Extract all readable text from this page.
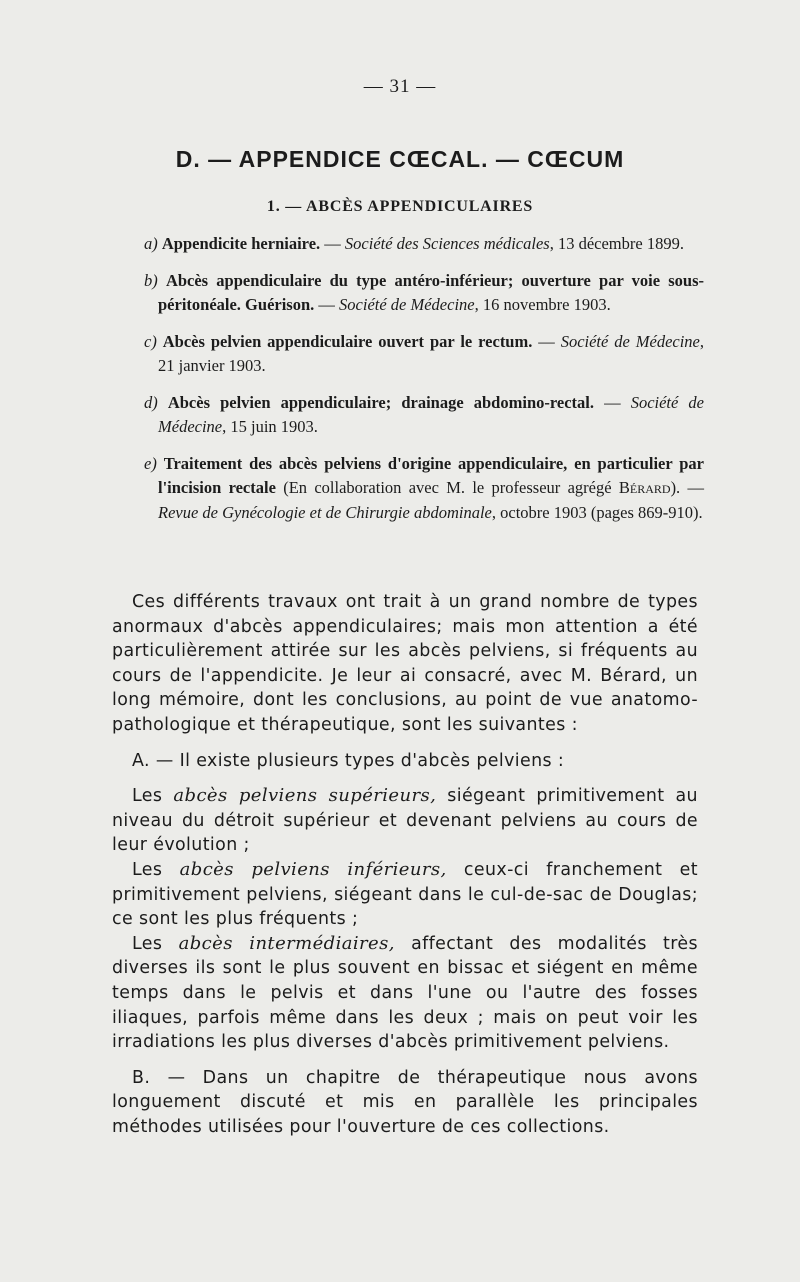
— 31 —
D. — APPENDICE CŒCAL. — CŒCUM
1. — ABCÈS APPENDICULAIRES

a) Appendicite herniaire. — Société des Sciences médicales, 13 décembre 1899.

b) Abcès appendiculaire du type antéro-inférieur; ouverture par voie sous-péritonéale. Guérison. — Société de Médecine, 16 novembre 1903.

c) Abcès pelvien appendiculaire ouvert par le rectum. — Société de Médecine, 21 janvier 1903.

d) Abcès pelvien appendiculaire; drainage abdomino-rectal. — Société de Médecine, 15 juin 1903.

e) Traitement des abcès pelviens d'origine appendiculaire, en particulier par l'incision rectale (En collaboration avec M. le professeur agrégé Bérard). — Revue de Gynécologie et de Chirurgie abdominale, octobre 1903 (pages 869-910).

Ces différents travaux ont trait à un grand nombre de types anormaux d'abcès appendiculaires; mais mon attention a été particulièrement attirée sur les abcès pelviens, si fréquents au cours de l'appendicite. Je leur ai consacré, avec M. Bérard, un long mémoire, dont les conclusions, au point de vue anatomo-pathologique et thérapeutique, sont les suivantes :

A. — Il existe plusieurs types d'abcès pelviens :

Les abcès pelviens supérieurs, siégeant primitivement au niveau du détroit supérieur et devenant pelviens au cours de leur évolution ;

Les abcès pelviens inférieurs, ceux-ci franchement et primitivement pelviens, siégeant dans le cul-de-sac de Douglas; ce sont les plus fréquents ;

Les abcès intermédiaires, affectant des modalités très diverses ils sont le plus souvent en bissac et siégent en même temps dans le pelvis et dans l'une ou l'autre des fosses iliaques, parfois même dans les deux ; mais on peut voir les irradiations les plus diverses d'abcès primitivement pelviens.

B. — Dans un chapitre de thérapeutique nous avons longuement discuté et mis en parallèle les principales méthodes utilisées pour l'ouverture de ces collections.
